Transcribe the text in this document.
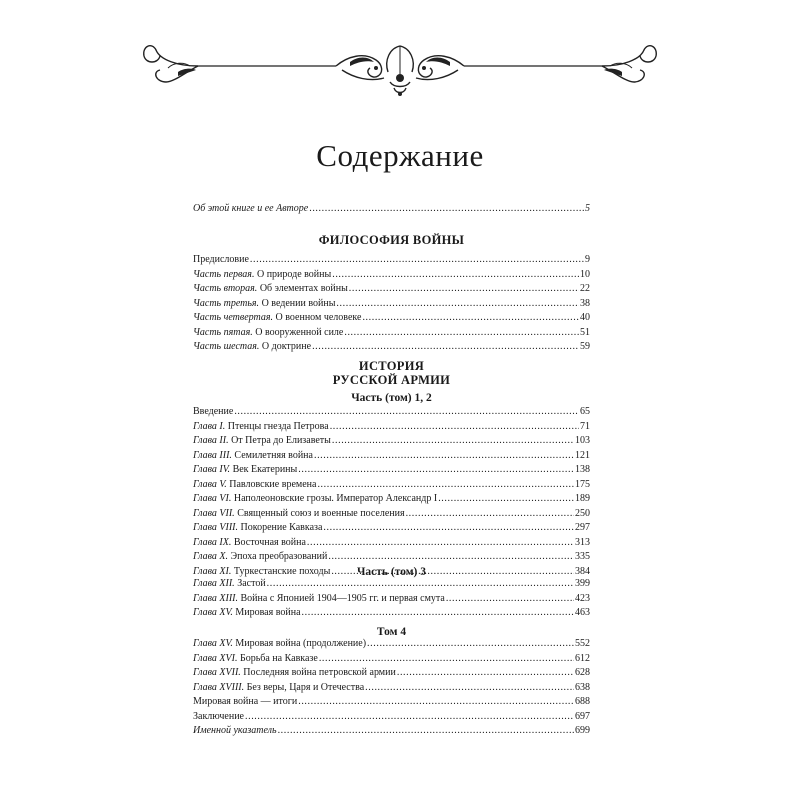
Содержание
Об этой книге и ее Авторе .....	5
ФИЛОСОФИЯ ВОЙНЫ
Предисловие .....	9
Часть первая. О природе войны .....	10
Часть вторая. Об элементах войны .....	22
Часть третья. О ведении войны .....	38
Часть четвертая. О военном человеке .....	40
Часть пятая. О вооруженной силе .....	51
Часть шестая. О доктрине .....	59
ИСТОРИЯ
РУССКОЙ АРМИИ
Часть (том) 1, 2
Введение .....	65
Глава I. Птенцы гнезда Петрова .....	71
Глава II. От Петра до Елизаветы .....	103
Глава III. Семилетняя война .....	121
Глава IV. Век Екатерины .....	138
Глава V. Павловские времена .....	175
Глава VI. Наполеоновские грозы. Император Александр I .....	189
Глава VII. Священный союз и военные поселения .....	250
Глава VIII. Покорение Кавказа .....	297
Глава IX. Восточная война .....	313
Глава X. Эпоха преобразований .....	335
Глава XI. Туркестанские походы .....	384
Часть (том) 3
Глава XII. Застой .....	399
Глава XIII. Война с Японией 1904—1905 гг. и первая смута .....	423
Глава XV. Мировая война .....	463
Том 4
Глава XV. Мировая война (продолжение) .....	552
Глава XVI. Борьба на Кавказе .....	612
Глава XVII. Последняя война петровской армии .....	628
Глава XVIII. Без веры, Царя и Отечества .....	638
Мировая война — итоги .....	688
Заключение .....	697
Именной указатель .....	699
